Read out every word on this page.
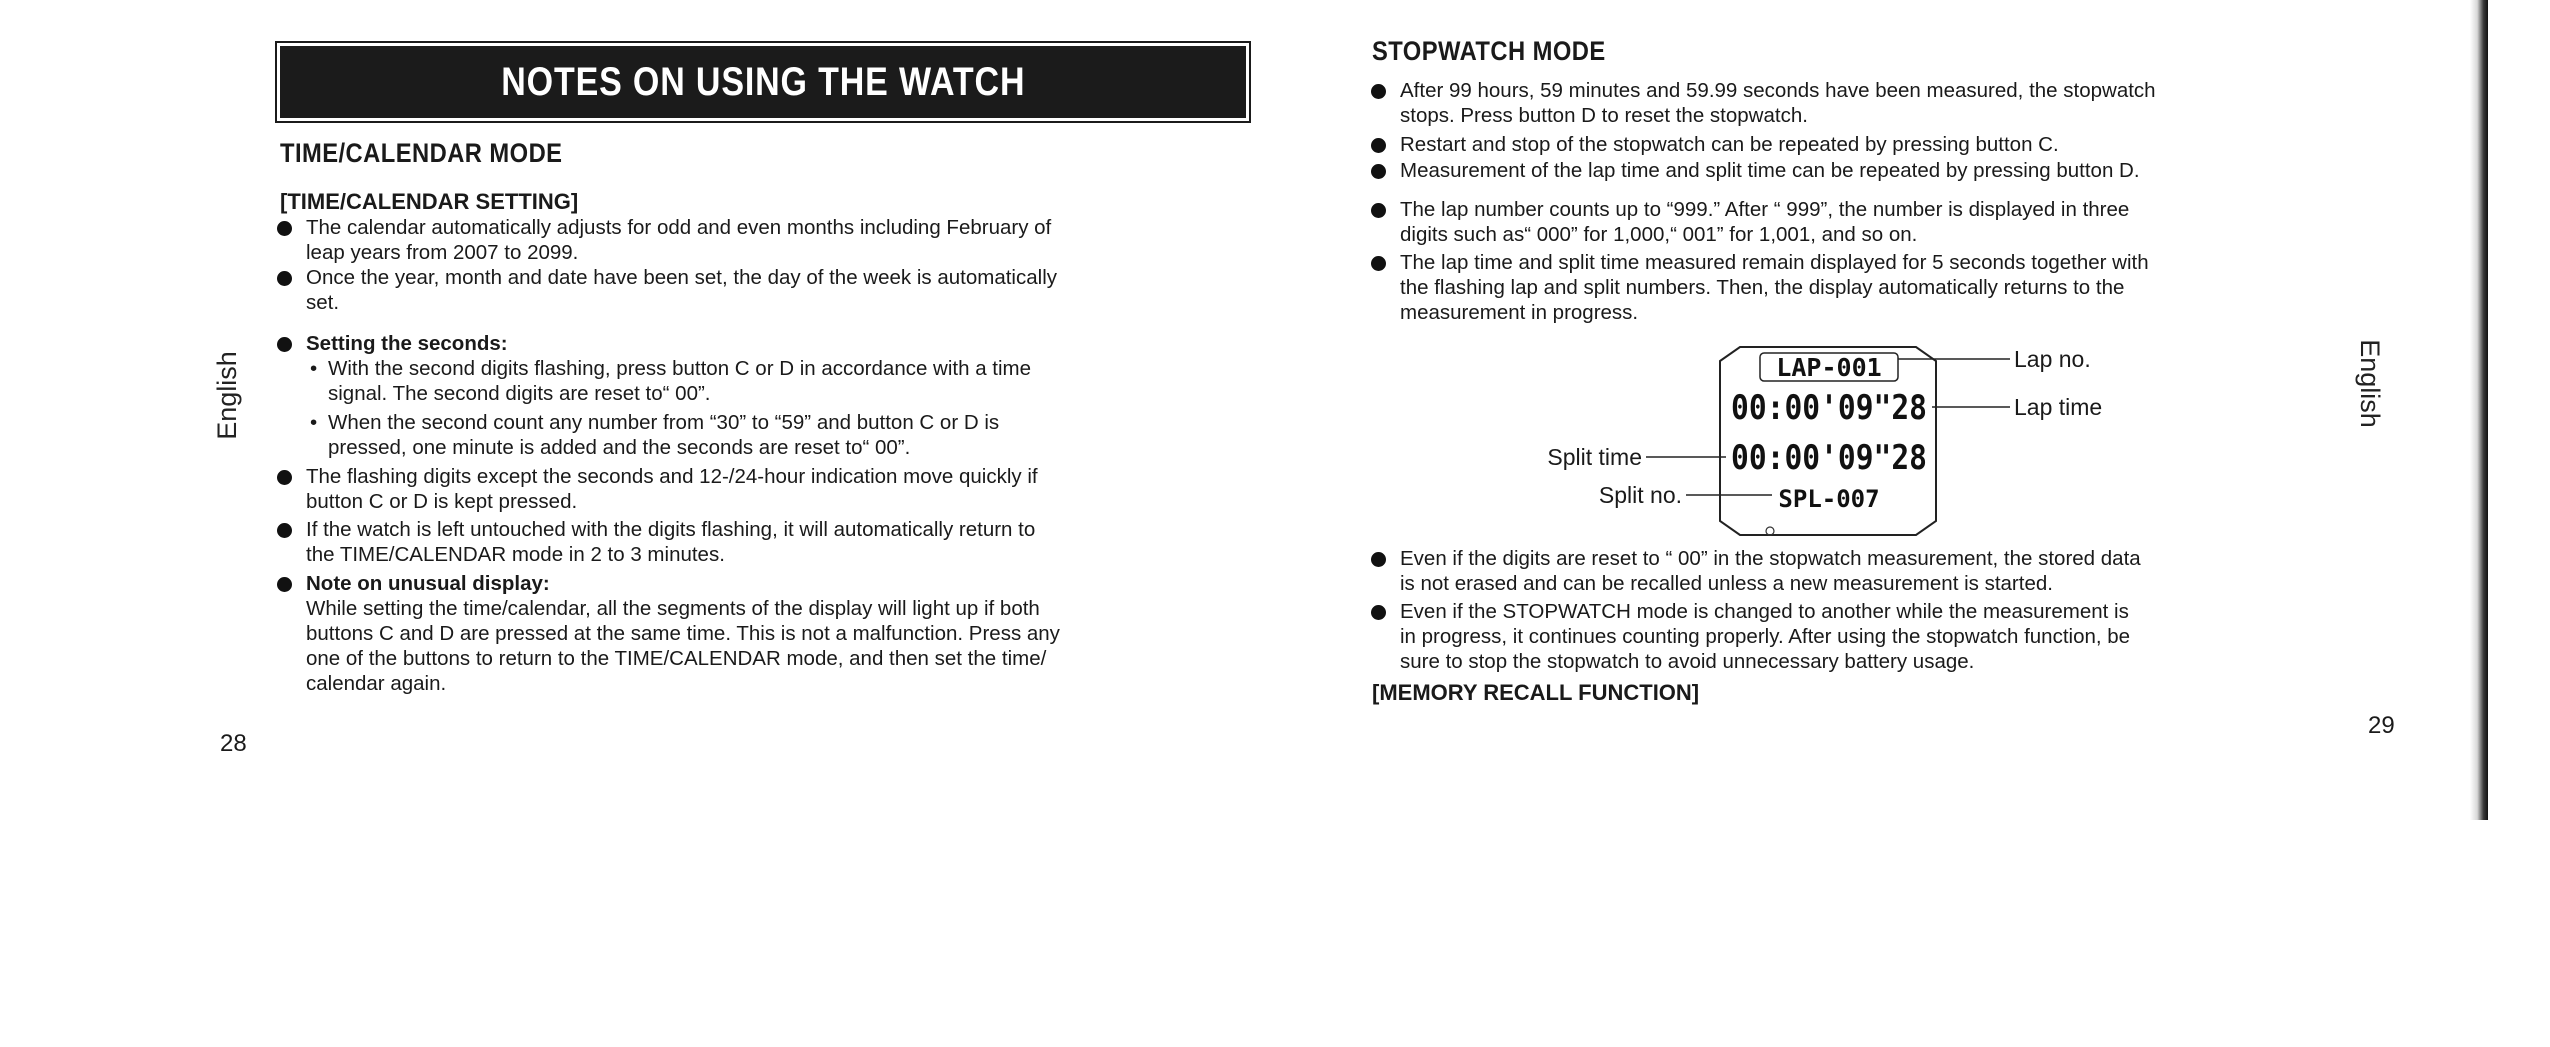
NOTES ON USING THE WATCH
TIME/CALENDAR MODE
[TIME/CALENDAR SETTING]
The calendar automatically adjusts for odd and even months including February of
leap years from 2007 to 2099.
Once the year, month and date have been set, the day of the week is automatically
set.
Setting the seconds:
• With the second digits flashing, press button C or D in accordance with a time
signal. The second digits are reset to“ 00”.
• When the second count any number from “30” to “59” and button C or D is
pressed, one minute is added and the seconds are reset to“ 00”.
The flashing digits except the seconds and 12-/24-hour indication move quickly if
button C or D is kept pressed.
If the watch is left untouched with the digits flashing, it will automatically return to
the TIME/CALENDAR mode in 2 to 3 minutes.
Note on unusual display:
While setting the time/calendar, all the segments of the display will light up if both
buttons C and D are pressed at the same time. This is not a malfunction. Press any
one of the buttons to return to the TIME/CALENDAR mode, and then set the time/
calendar again.
28
English
STOPWATCH MODE
After 99 hours, 59 minutes and 59.99 seconds have been measured, the stopwatch
stops. Press button D to reset the stopwatch.
Restart and stop of the stopwatch can be repeated by pressing button C.
Measurement of the lap time and split time can be repeated by pressing button D.
The lap number counts up to “999.” After “ 999”, the number is displayed in three
digits such as“ 000” for 1,000,“ 001” for 1,001, and so on.
The lap time and split time measured remain displayed for 5 seconds together with
the flashing lap and split numbers. Then, the display automatically returns to the
measurement in progress.
Even if the digits are reset to “ 00” in the stopwatch measurement, the stored data
is not erased and can be recalled unless a new measurement is started.
Even if the STOPWATCH mode is changed to another while the measurement is
in progress, it continues counting properly. After using the stopwatch function, be
sure to stop the stopwatch to avoid unnecessary battery usage.
[MEMORY RECALL FUNCTION]
LAP-001
00:00'09"28
00:00'09"28
SPL-007
Lap no.
Lap time
Split time
Split no.
29
English
